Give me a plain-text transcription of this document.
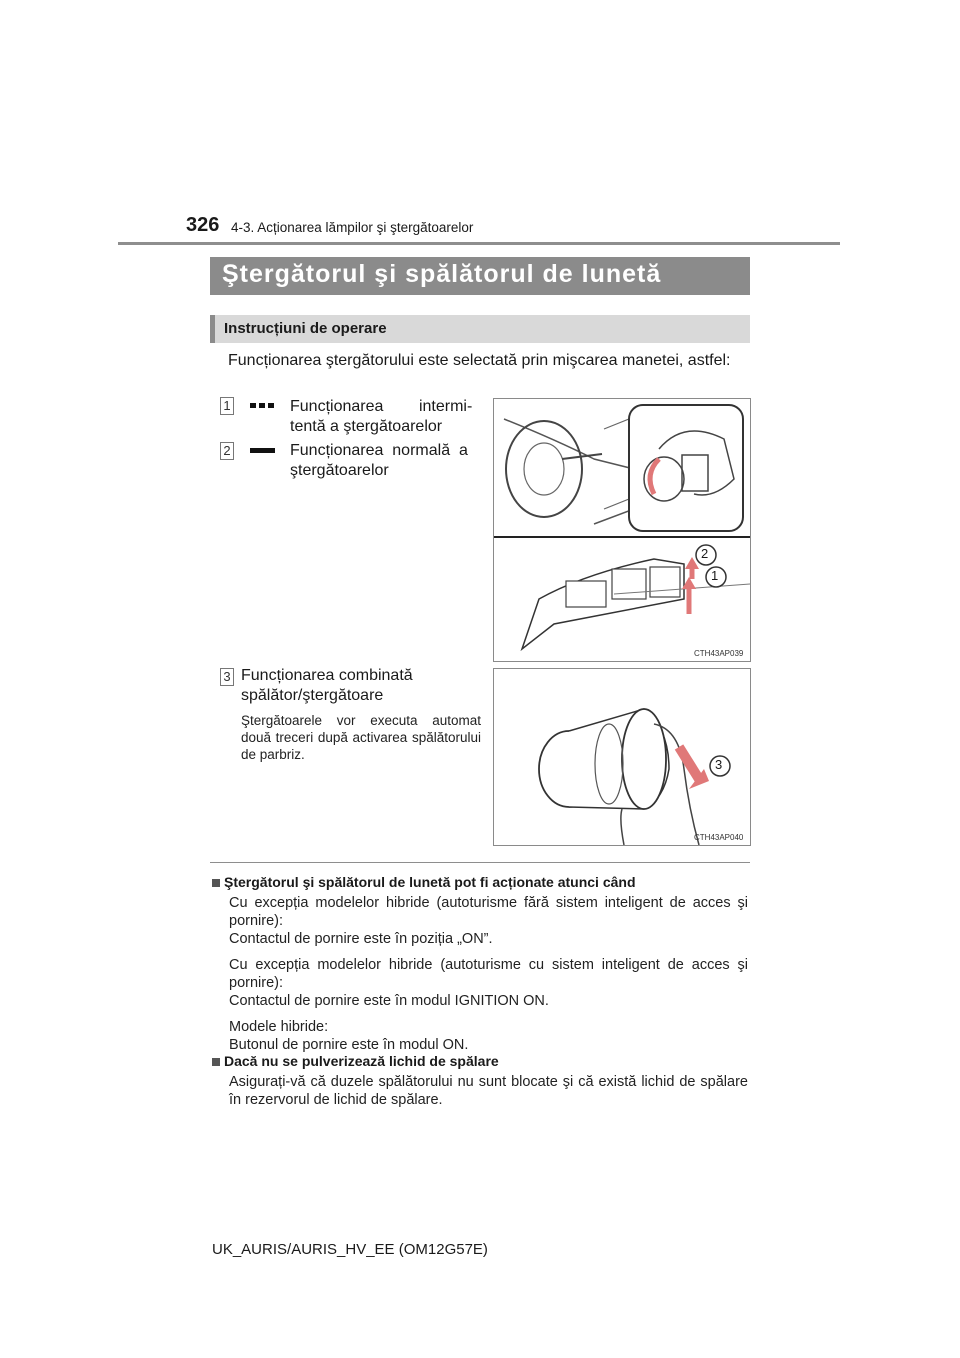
326 4-3. Acționarea lămpilor şi ştergătoarelor
Ştergătorul şi spălătorul de lunetă
Instrucțiuni de operare
Funcționarea ştergătorului este selectată prin mişcarea manetei, astfel:
1	Funcționarea        intermi-
tentă a ştergătoarelor
2	Funcționarea  normală  a
ştergătoarelor
2
1
CTH43AP039
3 Funcționarea combinată
spălător/ştergătoare
Ştergătoarele vor executa automat două treceri după activarea spălătorului de parbriz.
3
CTH43AP040
Ştergătorul şi spălătorul de lunetă pot fi acționate atunci când
Cu excepția modelelor hibride (autoturisme fără sistem inteligent de acces şi pornire):
Contactul de pornire este în poziția „ON”.
Cu excepția modelelor hibride (autoturisme cu sistem inteligent de acces şi pornire):
Contactul de pornire este în modul IGNITION ON.
Modele hibride:
Butonul de pornire este în modul ON.
Dacă nu se pulverizează lichid de spălare
Asigurați-vă că duzele spălătorului nu sunt blocate şi că există lichid de spălare în rezervorul de lichid de spălare.
UK_AURIS/AURIS_HV_EE (OM12G57E)
